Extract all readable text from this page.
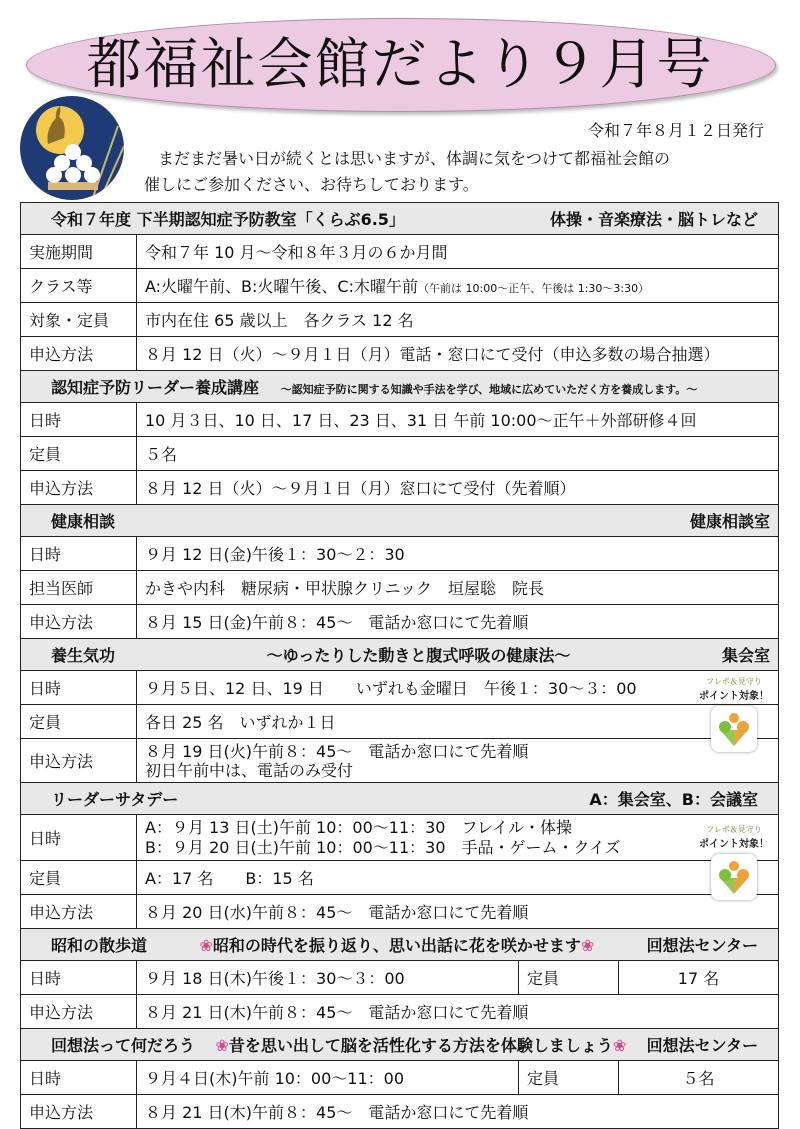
都福祉会館だより９月号
令和７年８月１２日発行

まだまだ暑い日が続くとは思いますが、体調に気をつけて都福祉会館の

催しにご参加ください、お待ちしております。

令和７年度 下半期認知症予防教室「くらぶ6.5」 体操・音楽療法・脳トレなど			

実施期間	令和７年 10 月～令和８年３月の６か月間		
クラス等	A:火曜午前、B:火曜午後、C:木曜午前（午前は 10:00～正午、午後は 1:30～3:30）		
対象・定員	市内在住 65 歳以上　各クラス 12 名		
申込方法	８月 12 日（火）～９月１日（月）電話・窓口にて受付（申込多数の場合抽選）		

認知症予防リーダー養成講座 ～認知症予防に関する知識や手法を学び、地域に広めていただく方を養成します。～			

日時	10 月３日、10 日、17 日、23 日、31 日 午前 10:00～正午＋外部研修４回		
定員	５名		
申込方法	８月 12 日（火）～９月１日（月）窓口にて受付（先着順）		

健康相談 健康相談室			

日時	９月 12 日(金)午後１：30～２：30		
担当医師	かきや内科　糖尿病・甲状腺クリニック　垣屋聡　院長		
申込方法	８月 15 日(金)午前８：45～　電話か窓口にて先着順		

養生気功 ～ゆったりした動きと腹式呼吸の健康法～ 集会室			

日時	９月５日、12 日、19 日　　いずれも金曜日　午後１：30～３：00		
定員	各日 25 名　いずれか１日		
申込方法	８月 19 日(火)午前８：45～　電話か窓口にて先着順
初日午前中は、電話のみ受付		

リーダーサタデー A：集会室、B：会議室			

日時	A：９月 13 日(土)午前 10：00～11：30　フレイル・体操
B：９月 20 日(土)午前 10：00～11：30　手品・ゲーム・クイズ		

定員	A：17 名　　B：15 名		
申込方法	８月 20 日(水)午前８：45～　電話か窓口にて先着順		

昭和の散歩道 ❀昭和の時代を振り返り、思い出話に花を咲かせます❀ 回想法センター			

日時	９月 18 日(木)午後１：30～３：00	定員	17 名
申込方法	８月 21 日(木)午前８：45～　電話か窓口にて先着順		

回想法って何だろう ❀昔を思い出して脳を活性化する方法を体験しましょう❀ 回想法センター			

日時	９月４日(木)午前 10：00～11：00	定員	５名
申込方法	８月 21 日(木)午前８：45～　電話か窓口にて先着順		
フレポ＆見守り
ポイント対象！
フレポ＆見守り
ポイント対象！
